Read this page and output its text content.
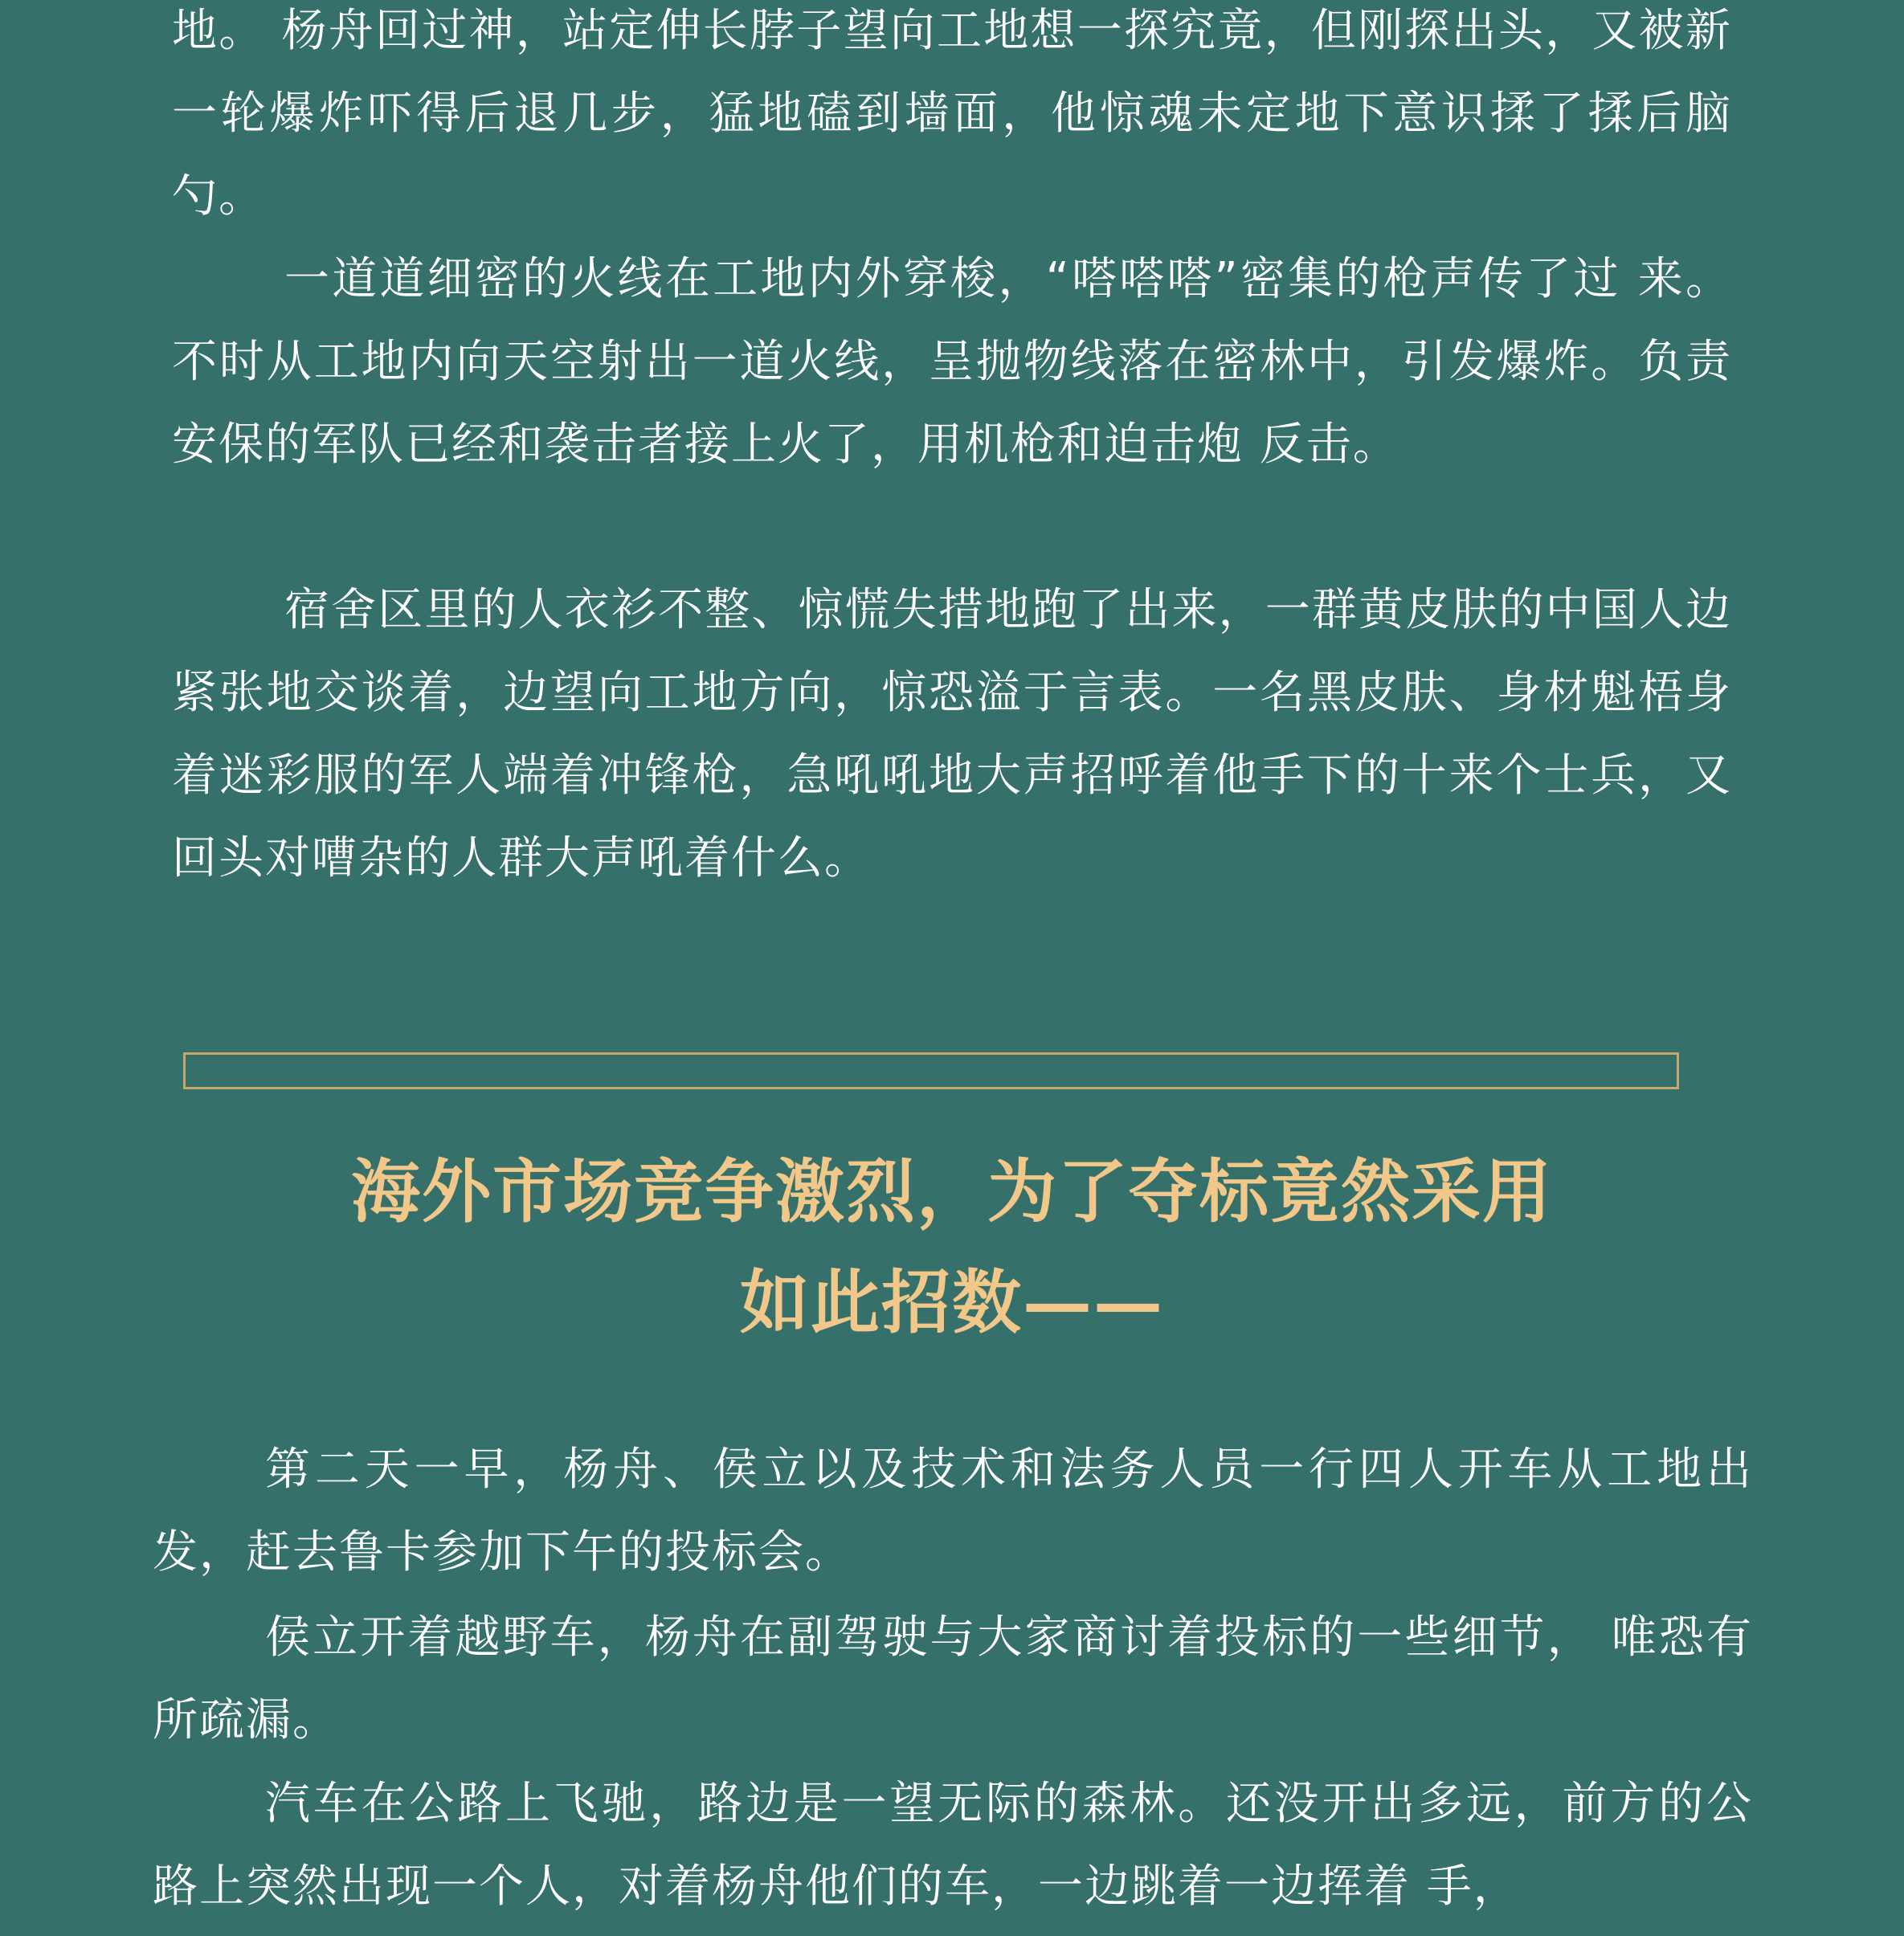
地。 杨舟回过神，站定伸长脖子望向工地想一探究竟，但刚探出头，又被新一轮爆炸吓得后退几步，猛地磕到墙面，他惊魂未定地下意识揉了揉后脑勺。

一道道细密的火线在工地内外穿梭，“嗒嗒嗒”密集的枪声传了过 来。不时从工地内向天空射出一道火线，呈抛物线落在密林中，引发爆炸。负责安保的军队已经和袭击者接上火了，用机枪和迫击炮 反击。

宿舍区里的人衣衫不整、惊慌失措地跑了出来，一群黄皮肤的中国人边紧张地交谈着，边望向工地方向，惊恐溢于言表。一名黑皮肤、身材魁梧身着迷彩服的军人端着冲锋枪，急吼吼地大声招呼着他手下的十来个士兵，又回头对嘈杂的人群大声吼着什么。

海外市场竞争激烈，为了夺标竟然采用
如此招数——

第二天一早，杨舟、侯立以及技术和法务人员一行四人开车从工地出发，赶去鲁卡参加下午的投标会。

侯立开着越野车，杨舟在副驾驶与大家商讨着投标的一些细节， 唯恐有所疏漏。

汽车在公路上飞驰，路边是一望无际的森林。还没开出多远，前方的公路上突然出现一个人，对着杨舟他们的车，一边跳着一边挥着 手，
